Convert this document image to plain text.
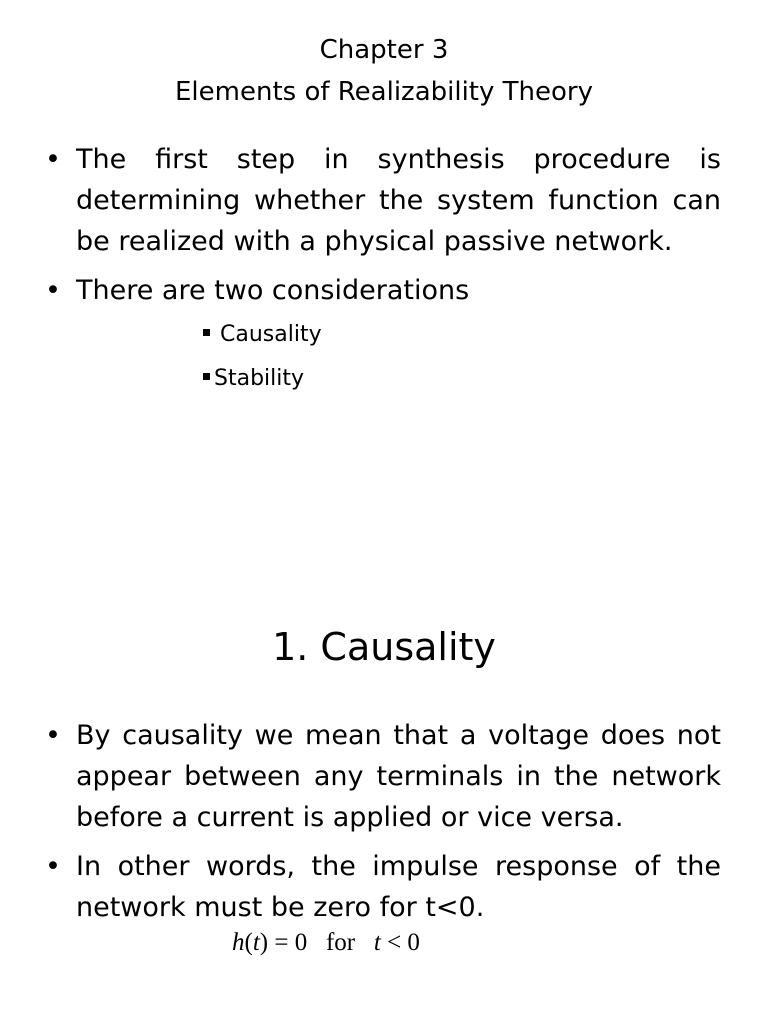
Chapter 3
Elements of Realizability Theory
• The first step in synthesis procedure is determining whether the system function can be realized with a physical passive network.
• There are two considerations
Causality
Stability
1. Causality
• By causality we mean that a voltage does not appear between any terminals in the network before a current is applied or vice versa.
• In other words, the impulse response of the network must be zero for t<0.
h(t) = 0   for t < 0
